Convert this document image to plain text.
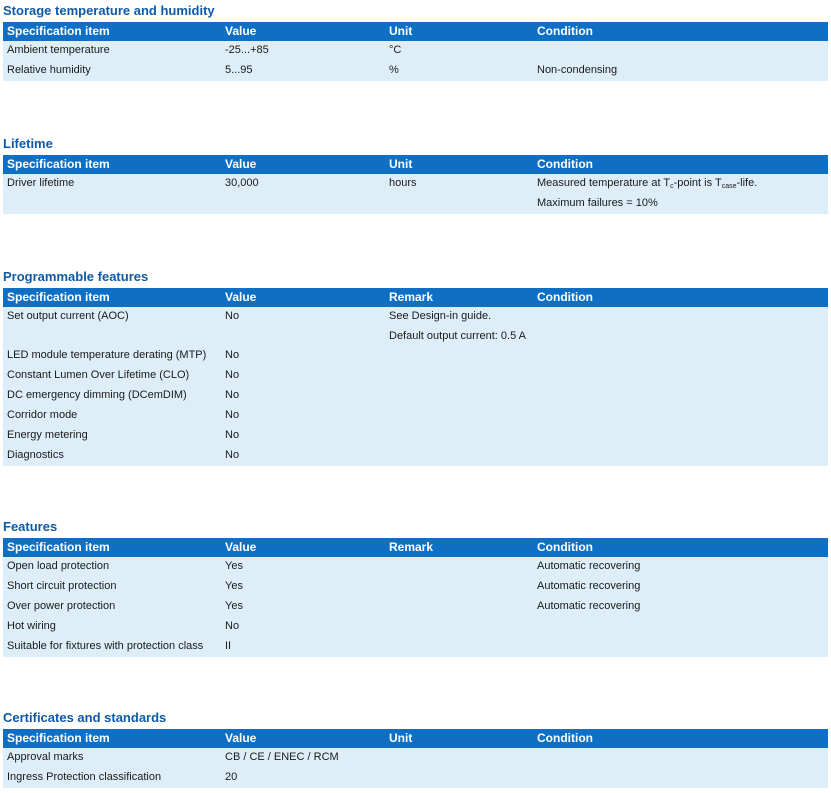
Storage temperature and humidity
Specification item	Value	Unit	Condition
Ambient temperature	-25...+85	°C
Relative humidity	5...95	%	Non-condensing
Lifetime
Specification item	Value	Unit	Condition
Driver lifetime	30,000	hours	Measured temperature at $T_c$-point is $T_{case}$-life.
Maximum failures = 10%
Programmable features
Specification item	Value	Remark	Condition
Set output current (AOC)	No	See Design-in guide.
Default output current: 0.5 A
LED module temperature derating (MTP) No
Constant Lumen Over Lifetime (CLO)	No
DC emergency dimming (DCemDIM)	No
Corridor mode	No
Energy metering	No
Diagnostics	No
Features
Specification item	Value	Remark	Condition
Open load protection	Yes	Automatic recovering
Short circuit protection	Yes	Automatic recovering
Over power protection	Yes	Automatic recovering
Hot wiring	No
Suitable for fixtures with protection class II
Certificates and standards
Specification item	Value	Unit	Condition
Approval marks	CB / CE / ENEC / RCM
Ingress Protection classification	20
